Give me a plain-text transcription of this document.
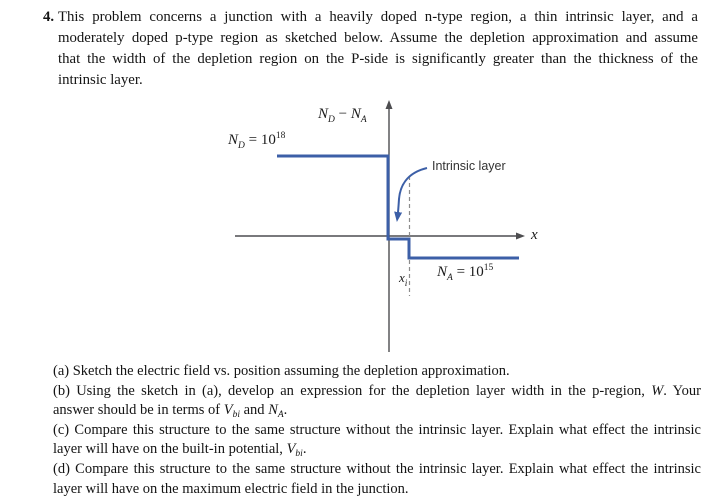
4. This problem concerns a junction with a heavily doped n-type region, a thin intrinsic layer, and a
moderately doped p-type region as sketched below. Assume the depletion approximation and assume
that the width of the depletion region on the P-side is significantly greater than the thickness of the
intrinsic layer.
$N_D - N_A$
$N_D = 10^{18}$
Intrinsic layer
x
$N_A = 10^{15}$
$x_i$
(a) Sketch the electric field vs. position assuming the depletion approximation.
(b) Using the sketch in (a), develop an expression for the depletion layer width in the p-region, W. Your
answer should be in terms of $V_{bi}$ and $N_A$.
(c) Compare this structure to the same structure without the intrinsic layer. Explain what effect the intrinsic
layer will have on the built-in potential, $V_{bi}$.
(d) Compare this structure to the same structure without the intrinsic layer. Explain what effect the intrinsic
layer will have on the maximum electric field in the junction.
